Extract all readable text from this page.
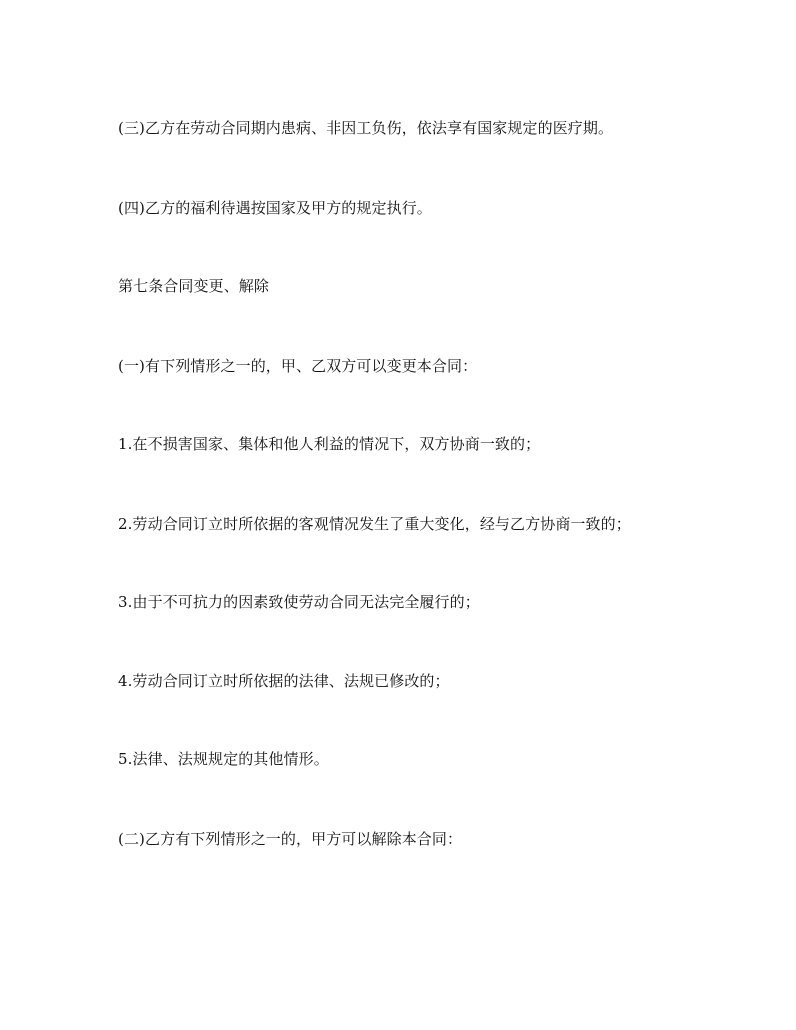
(三)乙方在劳动合同期内患病、非因工负伤，依法享有国家规定的医疗期。

(四)乙方的福利待遇按国家及甲方的规定执行。

第七条合同变更、解除

(一)有下列情形之一的，甲、乙双方可以变更本合同：

1.在不损害国家、集体和他人利益的情况下，双方协商一致的；

2.劳动合同订立时所依据的客观情况发生了重大变化，经与乙方协商一致的；

3.由于不可抗力的因素致使劳动合同无法完全履行的；

4.劳动合同订立时所依据的法律、法规已修改的；

5.法律、法规规定的其他情形。

(二)乙方有下列情形之一的，甲方可以解除本合同：
